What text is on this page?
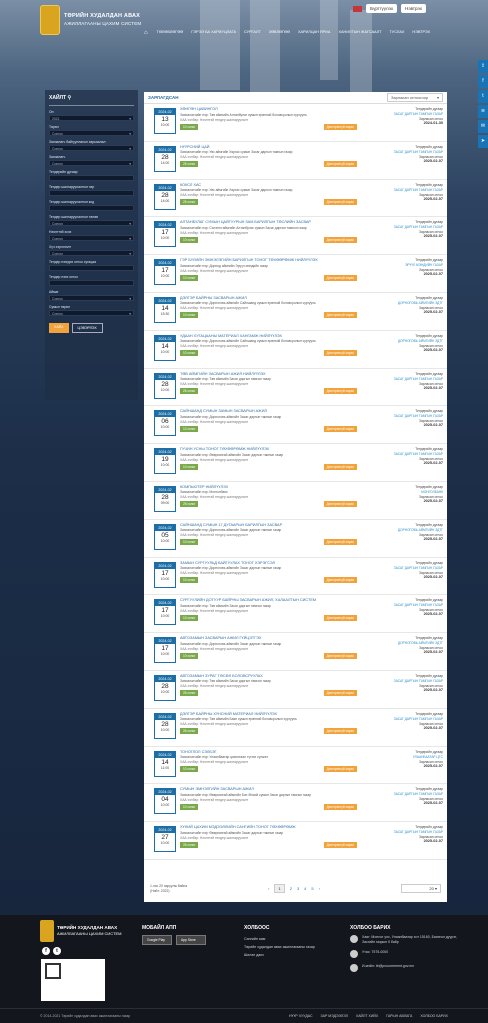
ТӨРИЙН ХУДАЛДАН АВАХ
АЖИЛЛАГААНЫ ЦАХИМ СИСТЕМ
Бүртгүүлэх	Нэвтрэх
⌂	ТӨЛӨВЛӨГӨӨ	ГЭРЭЭ БА ХАРИУЦЛАГА	СУРГАЛТ	ЗӨВЛӨГӨӨ	ХАРИЛЦАН ЯРИА	ХАНИЛТЫН ЖАГСААЛТ	ТУСЛАХ	НЭВТРЭХ
ХАЙЛТ ⚲
Он
2021	▾
Төрөл
Сонгох	▾
Захиалагч байгууллагын харьяалал
Сонгох	▾
Захиалагч
Сонгох	▾
Тендерийн дугаар
Тендер шалгаруулалтын нэр
Тендер шалгаруулалтын код
Тендер шалгаруулалтын төлөв
Сонгох	▾
Нээлттэй эсэх
Сонгох	▾
Хүч хэрэглэлт
Сонгох	▾
Тендер нээгдэх огноо хугацаа
Тендер нээх огноо
Аймаг
Сонгох	▾
Сумын төрөл
Сонгох	▾
ХАЙХ	ЦЭВЭРЛЭХ
ЗАРЛАГДСАН	Зарласан огноогоор ▾
2024-02
13
10:00
ХӨНГӨН ЦАВИНГОЛ
Захиалагчийн нэр: Төв аймгийн Алтанбулаг сумын ерөнхий боловсролын сургууль
ХАА хэлбэр: Нээлттэй тендер шалгаруулалт
10 хоног	Дэлгэрэнгүй харах
Тендерийн дугаар
ЗАСАГ ДАРГЫН ТАМГЫН ГАЗАР
Зарласан огноо
2024-01-30
2024-02
28
14:00
НҮҮРСНИЙ ЦАЙ
Захиалагчийн нэр: Увс аймгийн Хяргас сумын Засаг даргын тамгын газар
ХАА хэлбэр: Нээлттэй тендер шалгаруулалт
26 хоног	Дэлгэрэнгүй харах
Тендерийн дугаар
ЗАСАГ ДАРГЫН ТАМГЫН ГАЗАР
Зарласан огноо
2025-02-07
2024-02
28
14:00
КОКСЛ ХАС
Захиалагчийн нэр: Увс аймгийн Хяргас сумын Засаг даргын тамгын газар
ХАА хэлбэр: Нээлттэй тендер шалгаруулалт
26 хоног	Дэлгэрэнгүй харах
Тендерийн дугаар
ЗАСАГ ДАРГЫН ТАМГЫН ГАЗАР
Зарласан огноо
2025-02-07
2024-02
17
10:00
АЛТАНБУЛАГ СУМЫН ЦАЙГУУРЫН ЗАМ БАРИЛГЫН ТӨСЛИЙН ЗАСВАР
Захиалагчийн нэр: Сэлэнгэ аймгийн Алтанбулаг сумын Засаг даргын тамгын газар
ХАА хэлбэр: Нээлттэй тендер шалгаруулалт
10 хоног	Дэлгэрэнгүй харах
Тендерийн дугаар
ЗАСАГ ДАРГЫН ТАМГЫН ГАЗАР
Зарласан огноо
2025-02-07
2024-02
17
10:00
ГЭР БҮЛИЙН ЭМНЭЛЭГИЙН БАРИЛГЫН ТОНОГ ТӨХӨӨРӨМЖ НИЙЛҮҮЛЭХ
Захиалагчийн нэр: Дорнод аймгийн Эрүүл мэндийн газар
ХАА хэлбэр: Нээлттэй тендер шалгаруулалт
10 хоног	Дэлгэрэнгүй харах
Тендерийн дугаар
ЭРҮҮЛ МЭНДИЙН ГАЗАР
Зарласан огноо
2025-02-07
2024-02
14
15:30
ДЭЛГЭР БАЙРНЫ ЗАСВАРЫН АЖИЛ
Захиалагчийн нэр: Дорноговь аймгийн Сайншанд сумын ерөнхий боловсролын сургууль
ХАА хэлбэр: Нээлттэй тендер шалгаруулалт
10 хоног	Дэлгэрэнгүй харах
Тендерийн дугаар
ДОРНОГОВЬ АЙМГИЙН ЗДТГ
Зарласан огноо
2025-02-07
2024-02
14
10:00
УДААН ХУГАЦААНЫ МАТЕРИАЛ ХАНГАМЖ НИЙЛҮҮЛЭХ
Захиалагчийн нэр: Дорноговь аймгийн Сайншанд сумын ерөнхий боловсролын сургууль
ХАА хэлбэр: Нээлттэй тендер шалгаруулалт
10 хоног	Дэлгэрэнгүй харах
Тендерийн дугаар
ДОРНОГОВЬ АЙМГИЙН ЗДТГ
Зарласан огноо
2025-02-07
2024-02
28
10:00
ТӨВ АЙМГИЙН ЗАСВАРЫН АЖИЛ НИЙЛҮҮЛЭХ
Захиалагчийн нэр: Төв аймгийн Засаг даргын тамгын газар
ХАА хэлбэр: Нээлттэй тендер шалгаруулалт
26 хоног	Дэлгэрэнгүй харах
Тендерийн дугаар
ЗАСАГ ДАРГЫН ТАМГЫН ГАЗАР
Зарласан огноо
2025-02-07
2024-02
06
10:00
САЙНШАНД СУМЫН ЗАМЫН ЗАСВАРЫН АЖИЛ
Захиалагчийн нэр: Дорноговь аймгийн Засаг даргын тамгын газар
ХАА хэлбэр: Нээлттэй тендер шалгаруулалт
10 хоног	Дэлгэрэнгүй харах
Тендерийн дугаар
ЗАСАГ ДАРГЫН ТАМГЫН ГАЗАР
Зарласан огноо
2025-02-07
2024-02
19
10:00
ГУЧИН УСНЫ ТОНОГ ТӨХӨӨРӨМЖ НИЙЛҮҮЛЭХ
Захиалагчийн нэр: Өвөрхангай аймгийн Засаг даргын тамгын газар
ХАА хэлбэр: Нээлттэй тендер шалгаруулалт
10 хоног	Дэлгэрэнгүй харах
Тендерийн дугаар
ЗАСАГ ДАРГЫН ТАМГЫН ГАЗАР
Зарласан огноо
2025-02-07
2024-02
28
09:00
КОМПЬЮТЕР НИЙЛҮҮЛЭХ
Захиалагчийн нэр: Монголбанк
ХАА хэлбэр: Нээлттэй тендер шалгаруулалт
26 хоног	Дэлгэрэнгүй харах
Тендерийн дугаар
МОНГОЛБАНК
Зарласан огноо
2025-02-07
2024-02
05
10:00
САЙНШАНД СУМЫН 17 ДУГААРЫН БАРИЛГЫН ЗАСВАР
Захиалагчийн нэр: Дорноговь аймгийн Засаг даргын тамгын газар
ХАА хэлбэр: Нээлттэй тендер шалгаруулалт
10 хоног	Дэлгэрэнгүй харах
Тендерийн дугаар
ДОРНОГОВЬ АЙМГИЙН ЗДТГ
Зарласан огноо
2025-02-07
2024-02
17
10:00
ЗАМЫН СУРГУУЛЬД БАЙГУУЛАХ ТОНОГ ХЭРЭГСЭЛ
Захиалагчийн нэр: Дорноговь аймгийн Засаг даргын тамгын газар
ХАА хэлбэр: Нээлттэй тендер шалгаруулалт
10 хоног	Дэлгэрэнгүй харах
Тендерийн дугаар
ЗАСАГ ДАРГЫН ТАМГЫН ГАЗАР
Зарласан огноо
2025-02-07
2024-02
17
10:00
СУРГУУЛИЙН ДОТУУР БАЙРНЫ ЗАСВАРЫН АЖИЛ, ХАЛААЛТЫН СИСТЕМ
Захиалагчийн нэр: Төв аймгийн Засаг даргын тамгын газар
ХАА хэлбэр: Нээлттэй тендер шалгаруулалт
10 хоног	Дэлгэрэнгүй харах
Тендерийн дугаар
ЗАСАГ ДАРГЫН ТАМГЫН ГАЗАР
Зарласан огноо
2025-02-07
2024-02
17
10:00
АВТОЗАМЫН ЗАСВАРЫН АЖИЛ ГҮЙЦЭТГЭХ
Захиалагчийн нэр: Дорноговь аймгийн Засаг даргын тамгын газар
ХАА хэлбэр: Нээлттэй тендер шалгаруулалт
10 хоног	Дэлгэрэнгүй харах
Тендерийн дугаар
ДОРНОГОВЬ АЙМГИЙН ЗДТГ
Зарласан огноо
2025-02-07
2024-02
28
10:00
АВТОЗАМЫН ЗУРАГ ТӨСӨЛ БОЛОВСРУУЛАХ
Захиалагчийн нэр: Төв аймгийн Засаг даргын тамгын газар
ХАА хэлбэр: Нээлттэй тендер шалгаруулалт
26 хоног	Дэлгэрэнгүй харах
Тендерийн дугаар
ЗАСАГ ДАРГЫН ТАМГЫН ГАЗАР
Зарласан огноо
2025-02-07
2024-02
28
10:00
ДЭЛГЭР БАЙРНЫ ХҮНСНИЙ МАТЕРИАЛ НИЙЛҮҮЛЭХ
Захиалагчийн нэр: Төв аймгийн Баян сумын ерөнхий боловсролын сургууль
ХАА хэлбэр: Нээлттэй тендер шалгаруулалт
26 хоног	Дэлгэрэнгүй харах
Тендерийн дугаар
ЗАСАГ ДАРГЫН ТАМГЫН ГАЗАР
Зарласан огноо
2025-02-07
2024-02
14
11:00
ТОНОГЛОЛ СЭЛБЭГ
Захиалагчийн нэр: Улаанбаатар цахилгаан түгээх сүлжээ
ХАА хэлбэр: Нээлттэй тендер шалгаруулалт
10 хоног	Дэлгэрэнгүй харах
Тендерийн дугаар
УЛААНБААТАР ЦТС
Зарласан огноо
2025-02-07
2024-02
04
10:00
СУМЫН ЭМНЭЛГИЙН ЗАСВАРЫН АЖИЛ
Захиалагчийн нэр: Өвөрхангай аймгийн Бат-Өлзий сумын Засаг даргын тамгын газар
ХАА хэлбэр: Нээлттэй тендер шалгаруулалт
10 хоног	Дэлгэрэнгүй харах
Тендерийн дугаар
ЗАСАГ ДАРГЫН ТАМГЫН ГАЗАР
Зарласан огноо
2025-02-07
2024-02
27
10:00
ХҮНИЙ ЦАХИМ МЭДЭЭЛЛИЙН САНГИЙН ТОНОГ ТӨХӨӨРӨМЖ
Захиалагчийн нэр: Өвөрхангай аймгийн Засаг даргын тамгын газар
ХАА хэлбэр: Нээлттэй тендер шалгаруулалт
26 хоног	Дэлгэрэнгүй харах
Тендерийн дугаар
ЗАСАГ ДАРГЫН ТАМГЫН ГАЗАР
Зарласан огноо
2025-02-07
1-ээс 20 харуулж байна
(Нийт: 2022)	‹	1	2 3 4 5 ›	20 ▾
⇪
f
t
≋
✉
➤
ТӨРИЙН ХУДАЛДАН АВАХ
АЖИЛЛАГААНЫ ЦАХИМ СИСТЕМ
f	t
МОБАЙЛ АПП
Google Play	App Store
ХОЛБООС
Сангийн яам
Төрийн худалдан авах ажиллагааны газар
Шилэн данс
ХОЛБОО БАРИХ
Хаяг: Монгол улс, Улаанбаатар хот 15160, Баянгол дүүрэг, Засгийн газрын II байр
Утас: 7575-0000
И-мэйл: tb@procurement.gov.mn
© 2014-2021 Төрийн худалдан авах ажиллагааны газар	НҮҮР ХУУДАС ЗАР МЭДЭЭЛЭЛ ХАЙЛТ ХИЙХ ГАРЫН АВЛАГА ХОЛБОО БАРИХ
